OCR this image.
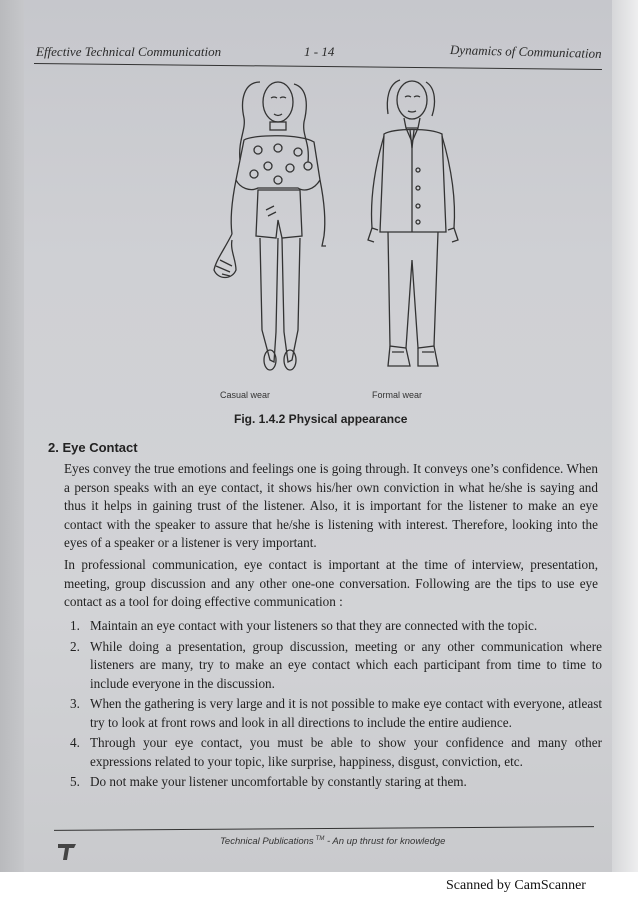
Effective Technical Communication	1 - 14	Dynamics of Communication
Casual wear	Formal wear
Fig. 1.4.2 Physical appearance
2. Eye Contact
Eyes convey the true emotions and feelings one is going through. It conveys one’s confidence. When a person speaks with an eye contact, it shows his/her own conviction in what he/she is saying and thus it helps in gaining trust of the listener. Also, it is important for the listener to make an eye contact with the speaker to assure that he/she is listening with interest. Therefore, looking into the eyes of a speaker or a listener is very important.
In professional communication, eye contact is important at the time of interview, presentation, meeting, group discussion and any other one-one conversation. Following are the tips to use eye contact as a tool for doing effective communication :
1. Maintain an eye contact with your listeners so that they are connected with the topic.
2. While doing a presentation, group discussion, meeting or any other communication where listeners are many, try to make an eye contact which each participant from time to time to include everyone in the discussion.
3. When the gathering is very large and it is not possible to make eye contact with everyone, atleast try to look at front rows and look in all directions to include the entire audience.
4. Through your eye contact, you must be able to show your confidence and many other expressions related to your topic, like surprise, happiness, disgust, conviction, etc.
5. Do not make your listener uncomfortable by constantly staring at them.
Technical Publications ™ - An up thrust for knowledge
Scanned by CamScanner
